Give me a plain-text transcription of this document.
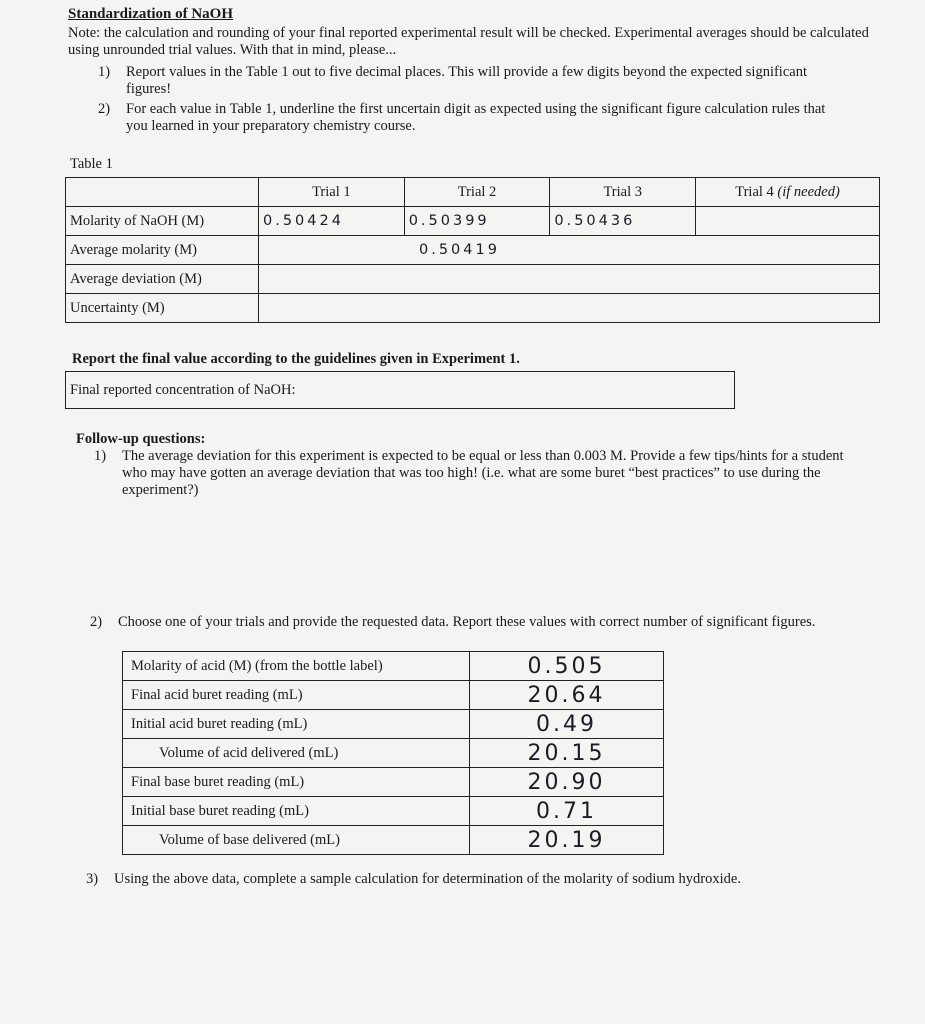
Standardization of NaOH
Note: the calculation and rounding of your final reported experimental result will be checked. Experimental averages should be calculated using unrounded trial values. With that in mind, please...
1) Report values in the Table 1 out to five decimal places. This will provide a few digits beyond the expected significant figures!
2) For each value in Table 1, underline the first uncertain digit as expected using the significant figure calculation rules that you learned in your preparatory chemistry course.
Table 1
	Trial 1	Trial 2	Trial 3	Trial 4 (if needed)
Molarity of NaOH (M)	0.50424	0.50399	0.50436	
Average molarity (M)	0.50419			
Average deviation (M)				
Uncertainty (M)				
Report the final value according to the guidelines given in Experiment 1.
Final reported concentration of NaOH:
Follow-up questions:
1) The average deviation for this experiment is expected to be equal or less than 0.003 M. Provide a few tips/hints for a student who may have gotten an average deviation that was too high! (i.e. what are some buret “best practices” to use during the experiment?)
2) Choose one of your trials and provide the requested data. Report these values with correct number of significant figures.
Molarity of acid (M) (from the bottle label)	0.505
Final acid buret reading (mL)	20.64
Initial acid buret reading (mL)	0.49
Volume of acid delivered (mL)	20.15
Final base buret reading (mL)	20.90
Initial base buret reading (mL)	0.71
Volume of base delivered (mL)	20.19
3) Using the above data, complete a sample calculation for determination of the molarity of sodium hydroxide.
